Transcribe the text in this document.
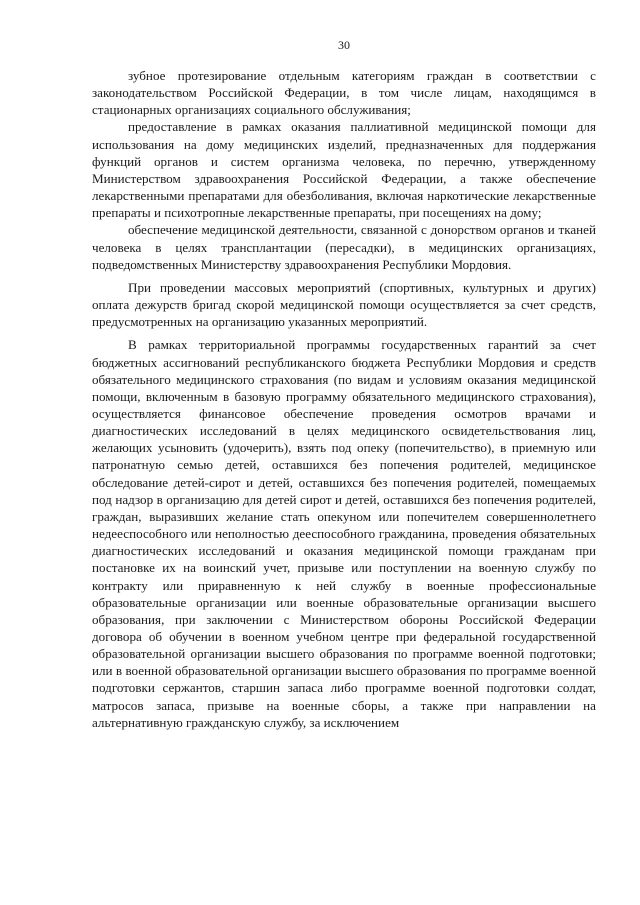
30

зубное протезирование отдельным категориям граждан в соответствии с законодательством Российской Федерации, в том числе лицам, находящимся в стационарных организациях социального обслуживания;

предоставление в рамках оказания паллиативной медицинской помощи для использования на дому медицинских изделий, предназначенных для поддержания функций органов и систем организма человека, по перечню, утвержденному Министерством здравоохранения Российской Федерации, а также обеспечение лекарственными препаратами для обезболивания, включая наркотические лекарственные препараты и психотропные лекарственные препараты, при посещениях на дому;

обеспечение медицинской деятельности, связанной с донорством органов и тканей человека в целях трансплантации (пересадки), в медицинских организациях, подведомственных Министерству здравоохранения Республики Мордовия.

При проведении массовых мероприятий (спортивных, культурных и других) оплата дежурств бригад скорой медицинской помощи осуществляется за счет средств, предусмотренных на организацию указанных мероприятий.

В рамках территориальной программы государственных гарантий за счет бюджетных ассигнований республиканского бюджета Республики Мордовия и средств обязательного медицинского страхования (по видам и условиям оказания медицинской помощи, включенным в базовую программу обязательного медицинского страхования), осуществляется финансовое обеспечение проведения осмотров врачами и диагностических исследований в целях медицинского освидетельствования лиц, желающих усыновить (удочерить), взять под опеку (попечительство), в приемную или патронатную семью детей, оставшихся без попечения родителей, медицинское обследование детей-сирот и детей, оставшихся без попечения родителей, помещаемых под надзор в организацию для детей сирот и детей, оставшихся без попечения родителей, граждан, выразивших желание стать опекуном или попечителем совершеннолетнего недееспособного или неполностью дееспособного гражданина, проведения обязательных диагностических исследований и оказания медицинской помощи гражданам при постановке их на воинский учет, призыве или поступлении на военную службу по контракту или приравненную к ней службу в военные профессиональные образовательные организации или военные образовательные организации высшего образования, при заключении с Министерством обороны Российской Федерации договора об обучении в военном учебном центре при федеральной государственной образовательной организации высшего образования по программе военной подготовки; или в военной образовательной организации высшего образования по программе военной подготовки сержантов, старшин запаса либо программе военной подготовки солдат, матросов запаса, призыве на военные сборы, а также при направлении на альтернативную гражданскую службу, за исключением
